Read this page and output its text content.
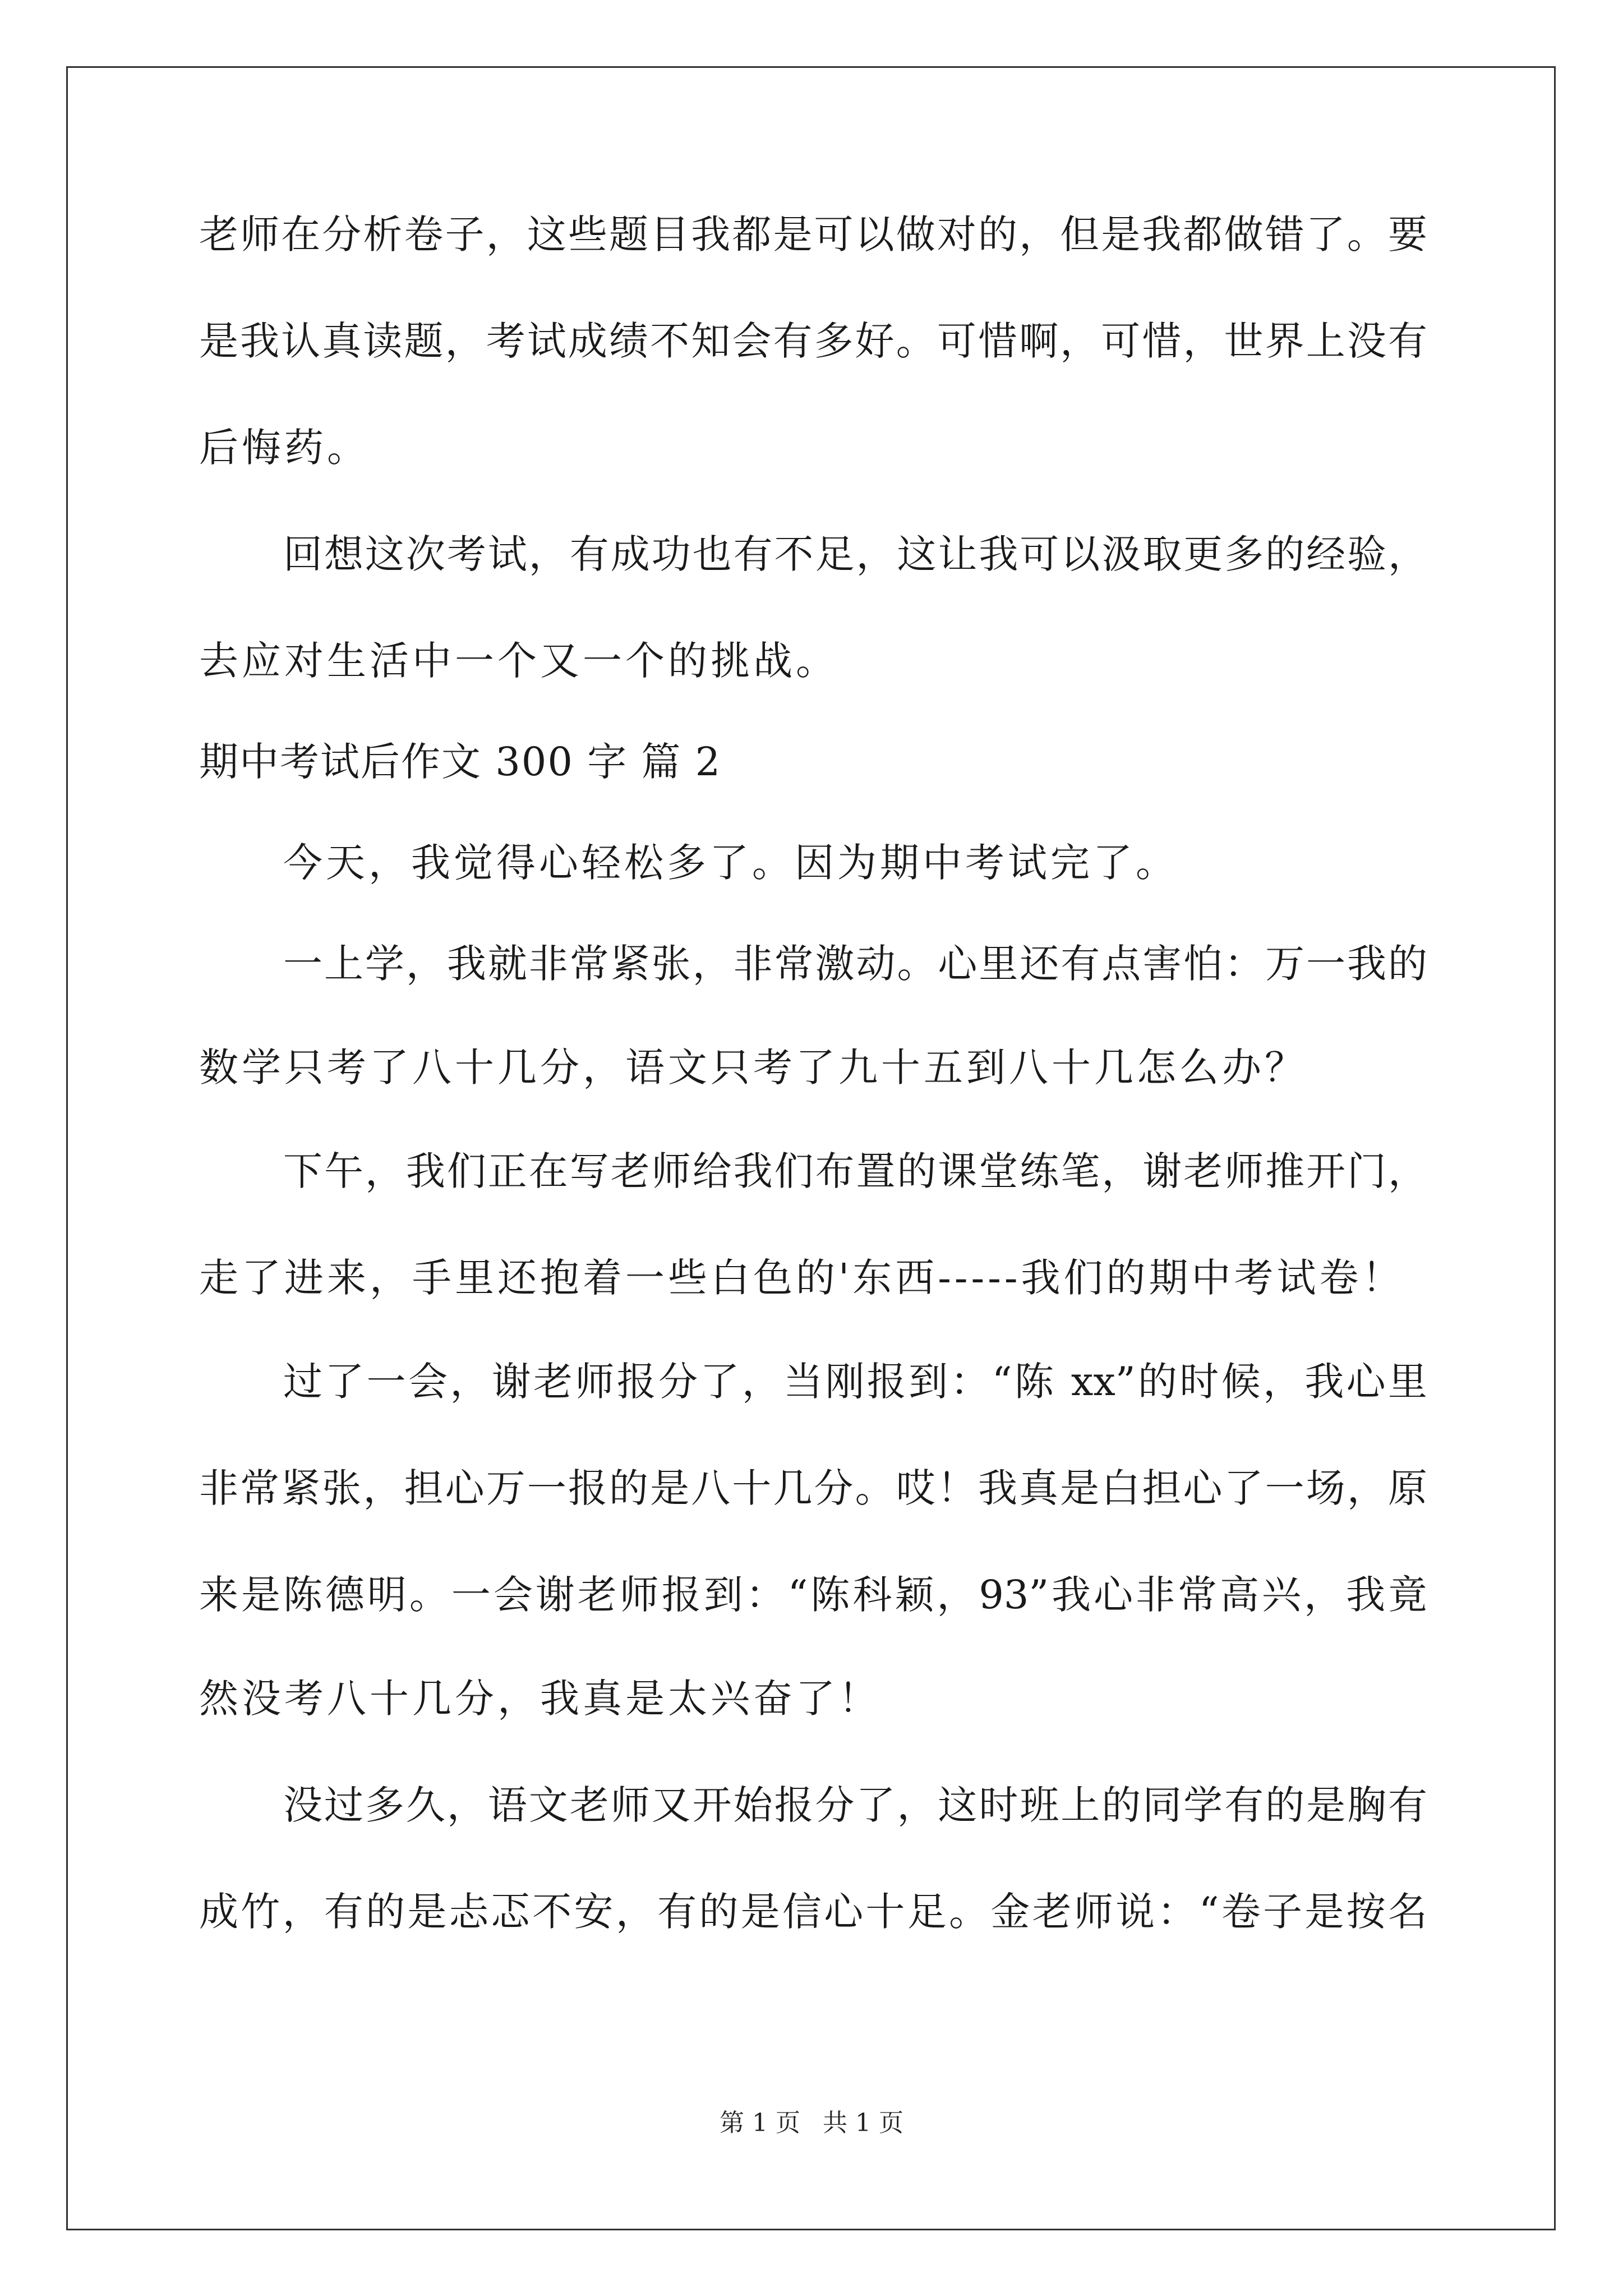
老师在分析卷子，这些题目我都是可以做对的，但是我都做错了。要
是我认真读题，考试成绩不知会有多好。可惜啊，可惜，世界上没有
后悔药。
回想这次考试，有成功也有不足，这让我可以汲取更多的经验，
去应对生活中一个又一个的挑战。
期中考试后作文 300 字 篇 2
今天，我觉得心轻松多了。因为期中考试完了。
一上学，我就非常紧张，非常激动。心里还有点害怕：万一我的
数学只考了八十几分，语文只考了九十五到八十几怎么办？
下午，我们正在写老师给我们布置的课堂练笔，谢老师推开门，
走了进来，手里还抱着一些白色的'东西-----我们的期中考试卷！
过了一会，谢老师报分了，当刚报到：“陈 xx”的时候，我心里
非常紧张，担心万一报的是八十几分。哎！我真是白担心了一场，原
来是陈德明。一会谢老师报到：“陈科颖，93”我心非常高兴，我竟
然没考八十几分，我真是太兴奋了！
没过多久，语文老师又开始报分了，这时班上的同学有的是胸有
成竹，有的是忐忑不安，有的是信心十足。金老师说：“卷子是按名
第 1 页 共 1 页
